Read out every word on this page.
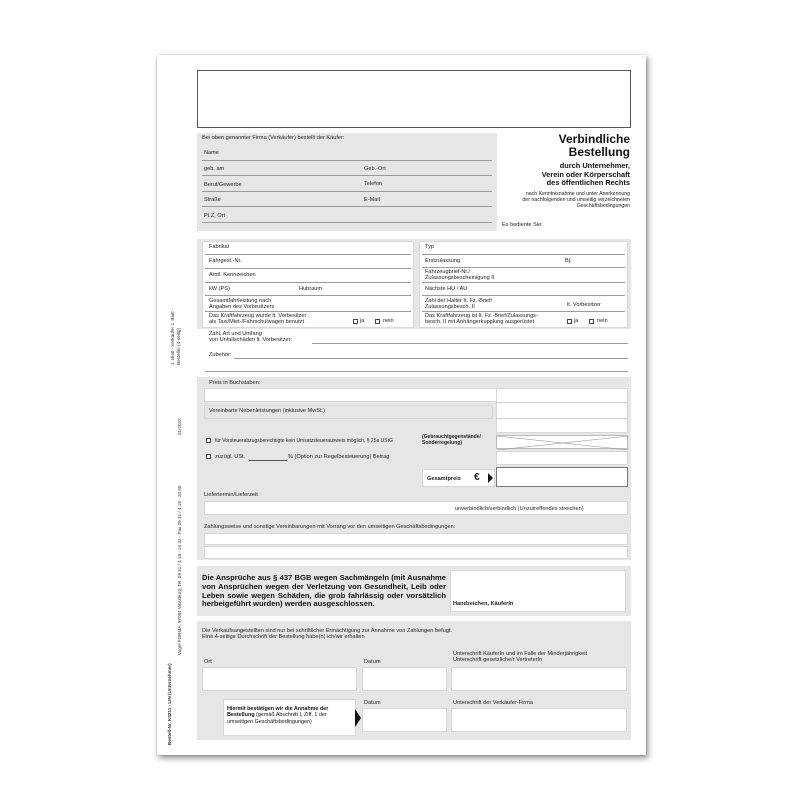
Bestell-Nr. K0211 - LIN (Unternehmer)
Vogel FORMA, 97084 Würzburg, Tel. 09 31 / 4 18 - 24 32 · Fax 09 31 / 4 18 - 20 55
01/2022
1. Blatt - Verkäufer 2. Blatt - Besteller (4-seitig)
Bei oben genannter Firma (Verkäufer) bestellt der Käufer:
Name
geb. am	Geb.-Ort
Beruf/Gewerbe	Telefon
Straße	E-Mail
PLZ, Ort
Verbindliche
Bestellung
durch Unternehmer,
Verein oder Körperschaft
des öffentlichen Rechts
nach Kenntnisnahme und unter Anerkennung
der nachfolgenden und umseitig verzeichneten
Geschäftsbedingungen
Es bediente Sie:
Fabrikat
Fahrgest.-Nr.
Amtl. Kennzeichen
kW (PS)	Hubraum
Gesamtfahrleistung nach
Angaben des Vorbesitzers
Das Kraftfahrzeug wurde lt. Vorbesitzer
als Taxi/Miet-/Fahrschulwagen benutzt	ja	nein
Typ
Erstzulassung	Bj.
Fahrzeugbrief-Nr./
Zulassungsbescheinigung II
Nächste HU / AU
Zahl der Halter lt. Fz.-Brief/
Zulassungsbesch. II	lt. Vorbesitzer
Das Kraftfahrzeug ist lt. Fz.-Brief/Zulassungs-
besch. II mit Anhängerkupplung ausgerüstet	ja	nein
Zahl, Art und Umfang
von Unfallschäden lt. Vorbesitzer:
Zubehör:
Preis in Buchstaben:
Vereinbarte Nebenleistungen (inklusive MwSt.)
für Vorsteuerabzugsberechtigte kein Umsatzsteuerausweis möglich, § 25a UStG
(Gebrauchtgegenstände/
Sonderregelung)
zuzügl. USt.	% (Option zur Regelbesteuerung) Betrag
Gesamtpreis €
Liefertermin/Lieferzeit
unverbindlich/verbindlich (Unzutreffendes streichen)
Zahlungsweise und sonstige Vereinbarungen mit Vorrang vor den umseitigen Geschäftsbedingungen:
Die Ansprüche aus § 437 BGB wegen Sachmängeln (mit Ausnahme von Ansprüchen wegen der Verletzung von Gesundheit, Leib oder Leben sowie wegen Schäden, die grob fahrlässig oder vorsätzlich herbeigeführt wurden) werden ausgeschlossen.	Handzeichen, KäuferIn
Die Verkaufsangestellten sind nur bei schriftlicher Ermächtigung zur Annahme von Zahlungen befugt.
Eine 4-seitige Durchschrift der Bestellung habe(n) ich/wir erhalten
Ort	Datum
Unterschrift KäuferIn und im Falle der Minderjährigkeit
Unterschrift gesetzliche/r VertreterIn
Hiermit bestätigen wir die Annahme der Bestellung (gemäß Abschnitt I, Ziff. 1 der umseitigen Geschäftsbedingungen)
Datum	Unterschrift der Verkäufer-Firma
